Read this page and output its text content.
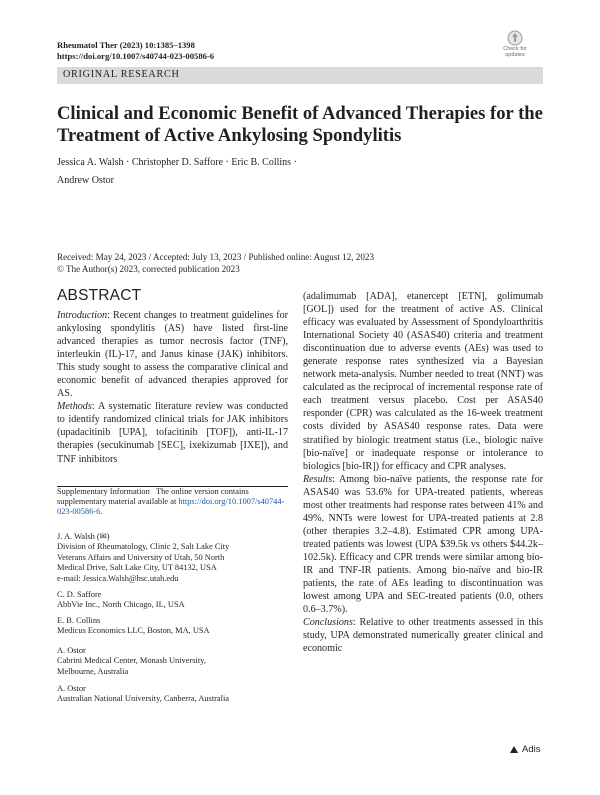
Rheumatol Ther (2023) 10:1385–1398
https://doi.org/10.1007/s40744-023-00586-6
Check for updates
ORIGINAL RESEARCH
Clinical and Economic Benefit of Advanced Therapies for the Treatment of Active Ankylosing Spondylitis
Jessica A. Walsh · Christopher D. Saffore · Eric B. Collins ·
Andrew Ostor
Received: May 24, 2023 / Accepted: July 13, 2023 / Published online: August 12, 2023
© The Author(s) 2023, corrected publication 2023
ABSTRACT

Introduction: Recent changes to treatment guidelines for ankylosing spondylitis (AS) have listed first-line advanced therapies as tumor necrosis factor (TNF), interleukin (IL)-17, and Janus kinase (JAK) inhibitors. This study sought to assess the comparative clinical and economic benefit of advanced therapies approved for AS.

Methods: A systematic literature review was conducted to identify randomized clinical trials for JAK inhibitors (upadacitinib [UPA], tofacitinib [TOF]), anti-IL-17 therapies (secukinumab [SEC], ixekizumab [IXE]), and TNF inhibitors

(adalimumab [ADA], etanercept [ETN], golimumab [GOL]) used for the treatment of active AS. Clinical efficacy was evaluated by Assessment of Spondyloarthritis International Society 40 (ASAS40) criteria and treatment discontinuation due to adverse events (AEs) was used to generate response rates synthesized via a Bayesian network meta-analysis. Number needed to treat (NNT) was calculated as the reciprocal of incremental response rate of each treatment versus placebo. Cost per ASAS40 responder (CPR) was calculated as the 16-week treatment costs divided by ASAS40 response rates. Data were stratified by biologic treatment status (i.e., biologic naïve [bio-naïve] or inadequate response or intolerance to biologics [bio-IR]) for efficacy and CPR analyses.

Results: Among bio-naïve patients, the response rate for ASAS40 was 53.6% for UPA-treated patients, whereas most other treatments had response rates between 41% and 49%. NNTs were lowest for UPA-treated patients at 2.8 (other therapies 3.2–4.8). Estimated CPR among UPA-treated patients was lowest (UPA $39.5k vs others $44.2k–102.5k). Efficacy and CPR trends were similar among bio-IR and TNF-IR patients. Among bio-naïve and bio-IR patients, the rate of AEs leading to discontinuation was lowest among UPA and SEC-treated patients (0.0, others 0.6–3.7%).

Conclusions: Relative to other treatments assessed in this study, UPA demonstrated numerically greater clinical and economic

Supplementary Information The online version contains supplementary material available at https://doi.org/10.1007/s40744-023-00586-6.
J. A. Walsh (✉)
Division of Rheumatology, Clinic 2, Salt Lake City
Veterans Affairs and University of Utah, 50 North
Medical Drive, Salt Lake City, UT 84132, USA
e-mail: Jessica.Walsh@hsc.utah.edu
C. D. Saffore
AbbVie Inc., North Chicago, IL, USA
E. B. Collins
Medicus Economics LLC, Boston, MA, USA
A. Ostor
Cabrini Medical Center, Monash University,
Melbourne, Australia
A. Ostor
Australian National University, Canberra, Australia
Adis
